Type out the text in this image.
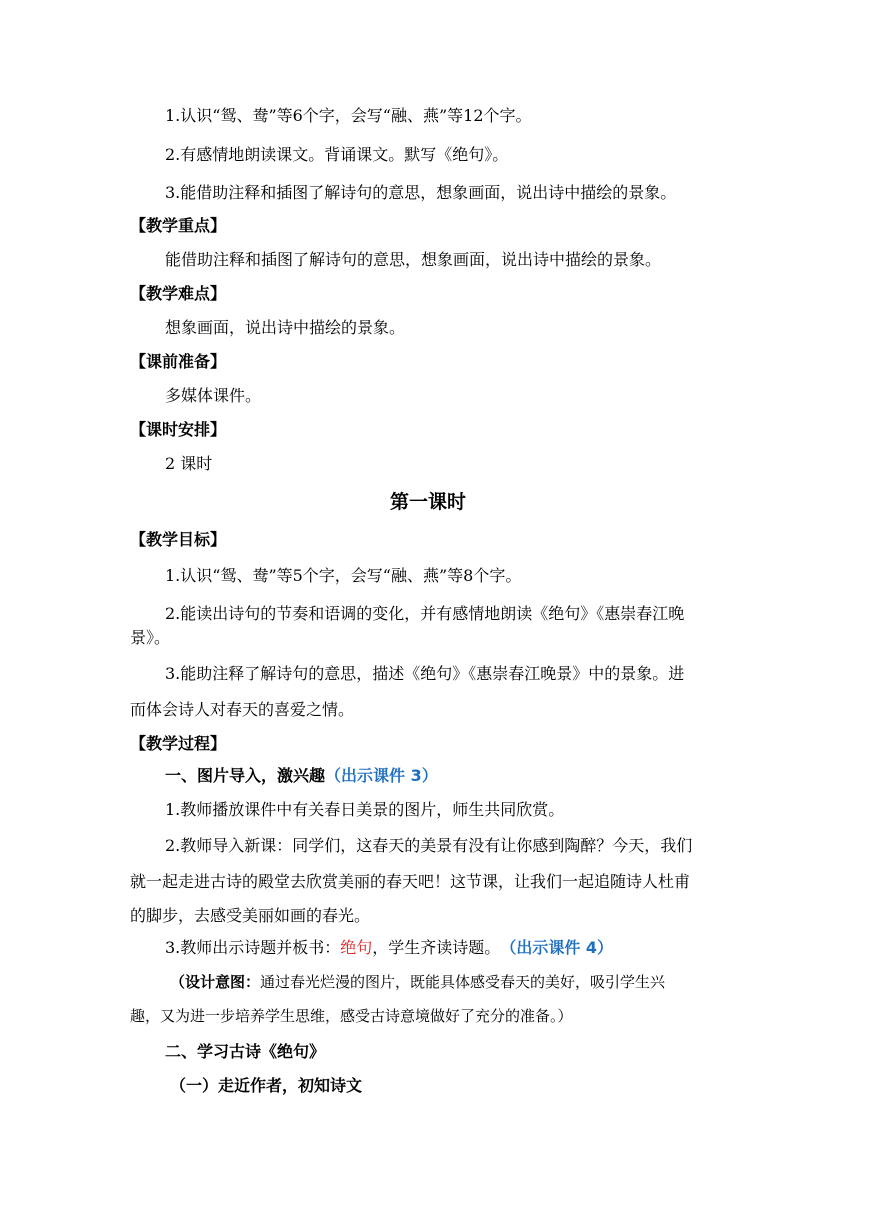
1.认识“鸳、鸯”等6个字，会写“融、燕”等12个字。
2.有感情地朗读课文。背诵课文。默写《绝句》。
3.能借助注释和插图了解诗句的意思，想象画面，说出诗中描绘的景象。
【教学重点】
能借助注释和插图了解诗句的意思，想象画面，说出诗中描绘的景象。
【教学难点】
想象画面，说出诗中描绘的景象。
【课前准备】
多媒体课件。
【课时安排】
2 课时
第一课时
【教学目标】
1.认识“鸳、鸯”等5个字，会写“融、燕”等8个字。
2.能读出诗句的节奏和语调的变化，并有感情地朗读《绝句》《惠崇春江晚
景》。
3.能助注释了解诗句的意思，描述《绝句》《惠崇春江晚景》中的景象。进
而体会诗人对春天的喜爱之情。
【教学过程】
一、图片导入，激兴趣（出示课件 3）
1.教师播放课件中有关春日美景的图片，师生共同欣赏。
2.教师导入新课：同学们，这春天的美景有没有让你感到陶醉？今天，我们
就一起走进古诗的殿堂去欣赏美丽的春天吧！这节课，让我们一起追随诗人杜甫
的脚步，去感受美丽如画的春光。
3.教师出示诗题并板书：绝句，学生齐读诗题。 （出示课件 4）
（设计意图：通过春光烂漫的图片，既能具体感受春天的美好，吸引学生兴
趣，又为进一步培养学生思维，感受古诗意境做好了充分的准备。）
二、学习古诗《绝句》
（一）走近作者，初知诗文
